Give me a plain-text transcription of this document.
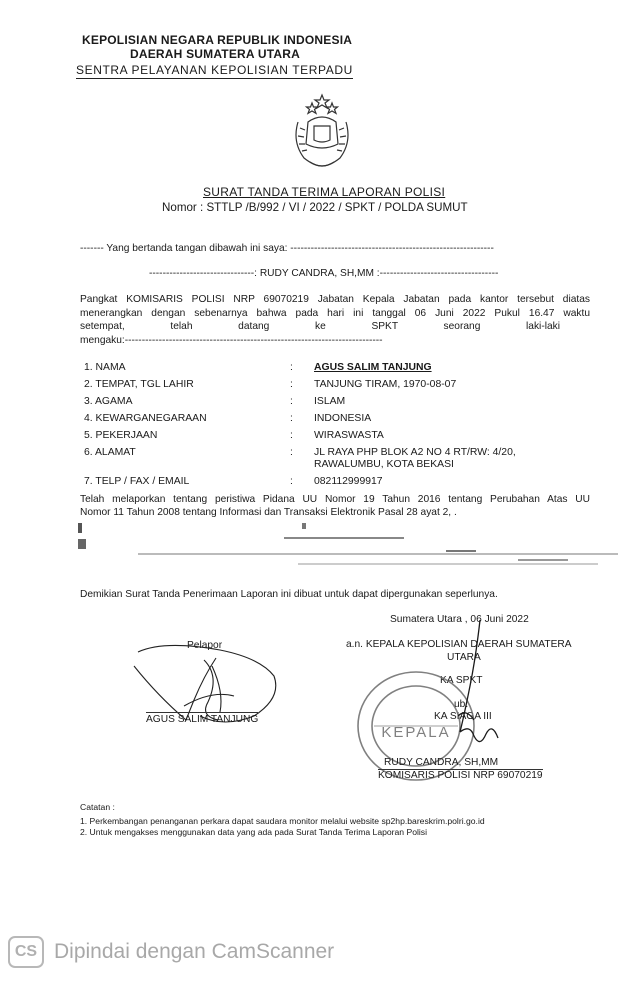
KEPOLISIAN NEGARA REPUBLIK INDONESIA
DAERAH SUMATERA UTARA
SENTRA PELAYANAN KEPOLISIAN TERPADU
SURAT TANDA TERIMA LAPORAN POLISI
Nomor : STTLP /B/992 / VI / 2022 / SPKT / POLDA SUMUT
------- Yang bertanda tangan dibawah ini saya: ------------------------------------------------------------
-------------------------------: RUDY CANDRA, SH,MM :-----------------------------------
Pangkat KOMISARIS POLISI NRP 69070219 Jabatan Kepala Jabatan pada kantor tersebut diatas
menerangkan dengan sebenarnya bahwa pada hari ini tanggal 06 Juni 2022 Pukul 16.47 waktu
setempat, telah datang ke SPKT seorang laki-laki
mengaku:----------------------------------------------------------------------------
1. NAMA	: AGUS SALIM TANJUNG
2. TEMPAT, TGL LAHIR	: TANJUNG TIRAM, 1970-08-07
3. AGAMA	: ISLAM
4. KEWARGANEGARAAN	: INDONESIA
5. PEKERJAAN	: WIRASWASTA
6. ALAMAT	: JL RAYA PHP BLOK A2 NO 4 RT/RW: 4/20,
RAWALUMBU, KOTA BEKASI
7. TELP / FAX / EMAIL	: 082112999917
Telah melaporkan tentang peristiwa Pidana UU Nomor 19 Tahun 2016 tentang Perubahan Atas UU
Nomor 11 Tahun 2008 tentang Informasi dan Transaksi Elektronik Pasal 28 ayat 2, .
Demikian Surat Tanda Penerimaan Laporan ini dibuat untuk dapat dipergunakan seperlunya.
Sumatera Utara , 06 Juni 2022
Pelapor
AGUS SALIM TANJUNG
a.n. KEPALA KEPOLISIAN DAERAH SUMATERA
UTARA
KA SPKT
ub.
KA SIAGA III
KEPALA
RUDY CANDRA, SH,MM
KOMISARIS POLISI NRP 69070219
Catatan :
1. Perkembangan penanganan perkara dapat saudara monitor melalui website sp2hp.bareskrim.polri.go.id
2. Untuk mengakses menggunakan data yang ada pada Surat Tanda Terima Laporan Polisi
CS Dipindai dengan CamScanner
